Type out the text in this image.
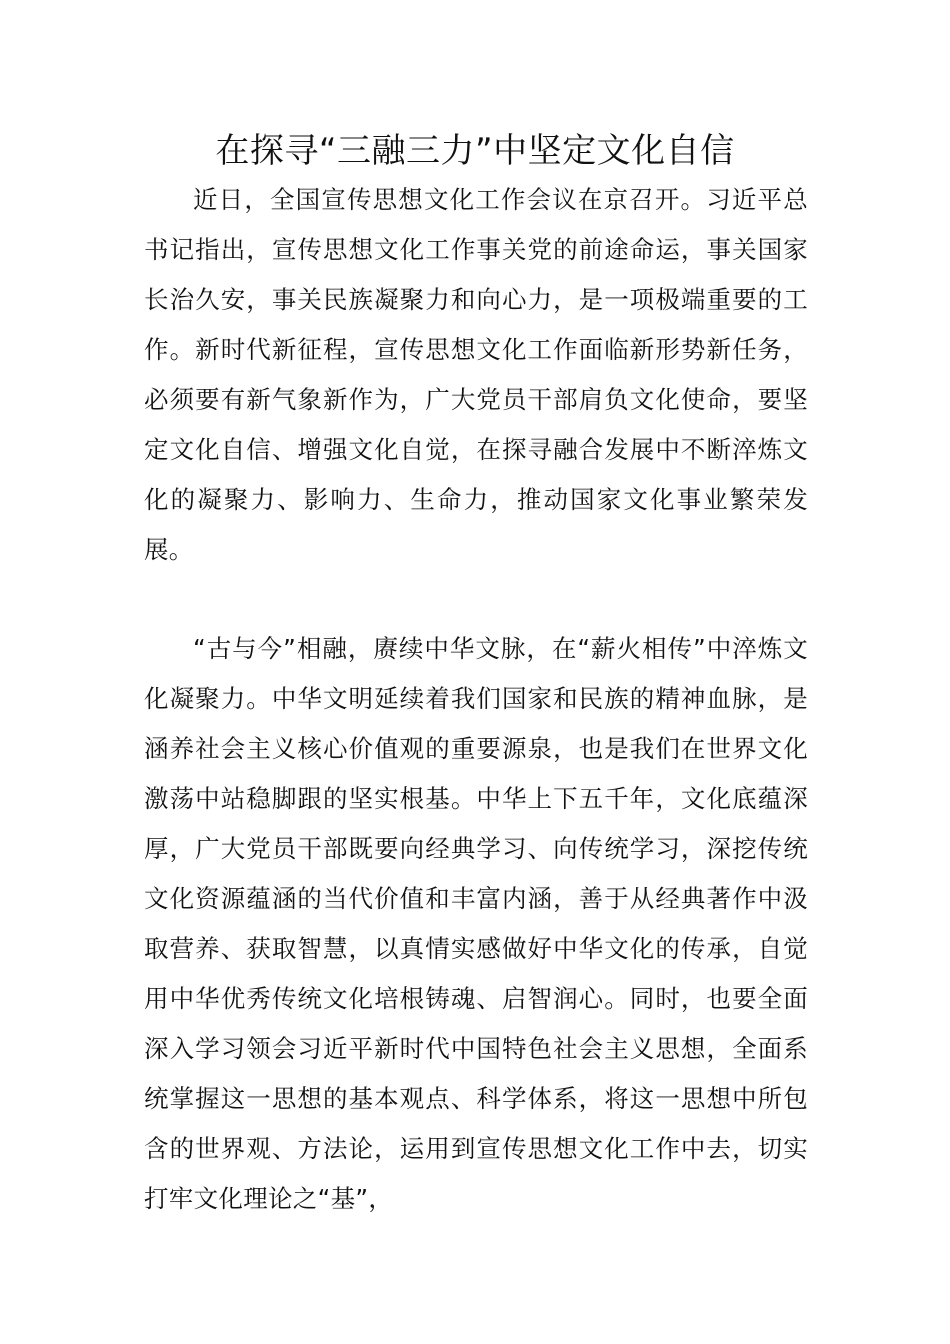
在探寻“三融三力”中坚定文化自信

近日，全国宣传思想文化工作会议在京召开。习近平总书记指出，宣传思想文化工作事关党的前途命运，事关国家长治久安，事关民族凝聚力和向心力，是一项极端重要的工作。新时代新征程，宣传思想文化工作面临新形势新任务，必须要有新气象新作为，广大党员干部肩负文化使命，要坚定文化自信、增强文化自觉，在探寻融合发展中不断淬炼文化的凝聚力、影响力、生命力，推动国家文化事业繁荣发展。

“古与今”相融，赓续中华文脉，在“薪火相传”中淬炼文化凝聚力。中华文明延续着我们国家和民族的精神血脉，是涵养社会主义核心价值观的重要源泉，也是我们在世界文化激荡中站稳脚跟的坚实根基。中华上下五千年，文化底蕴深厚，广大党员干部既要向经典学习、向传统学习，深挖传统文化资源蕴涵的当代价值和丰富内涵，善于从经典著作中汲取营养、获取智慧，以真情实感做好中华文化的传承，自觉用中华优秀传统文化培根铸魂、启智润心。同时，也要全面深入学习领会习近平新时代中国特色社会主义思想，全面系统掌握这一思想的基本观点、科学体系，将这一思想中所包含的世界观、方法论，运用到宣传思想文化工作中去，切实打牢文化理论之“基”，
